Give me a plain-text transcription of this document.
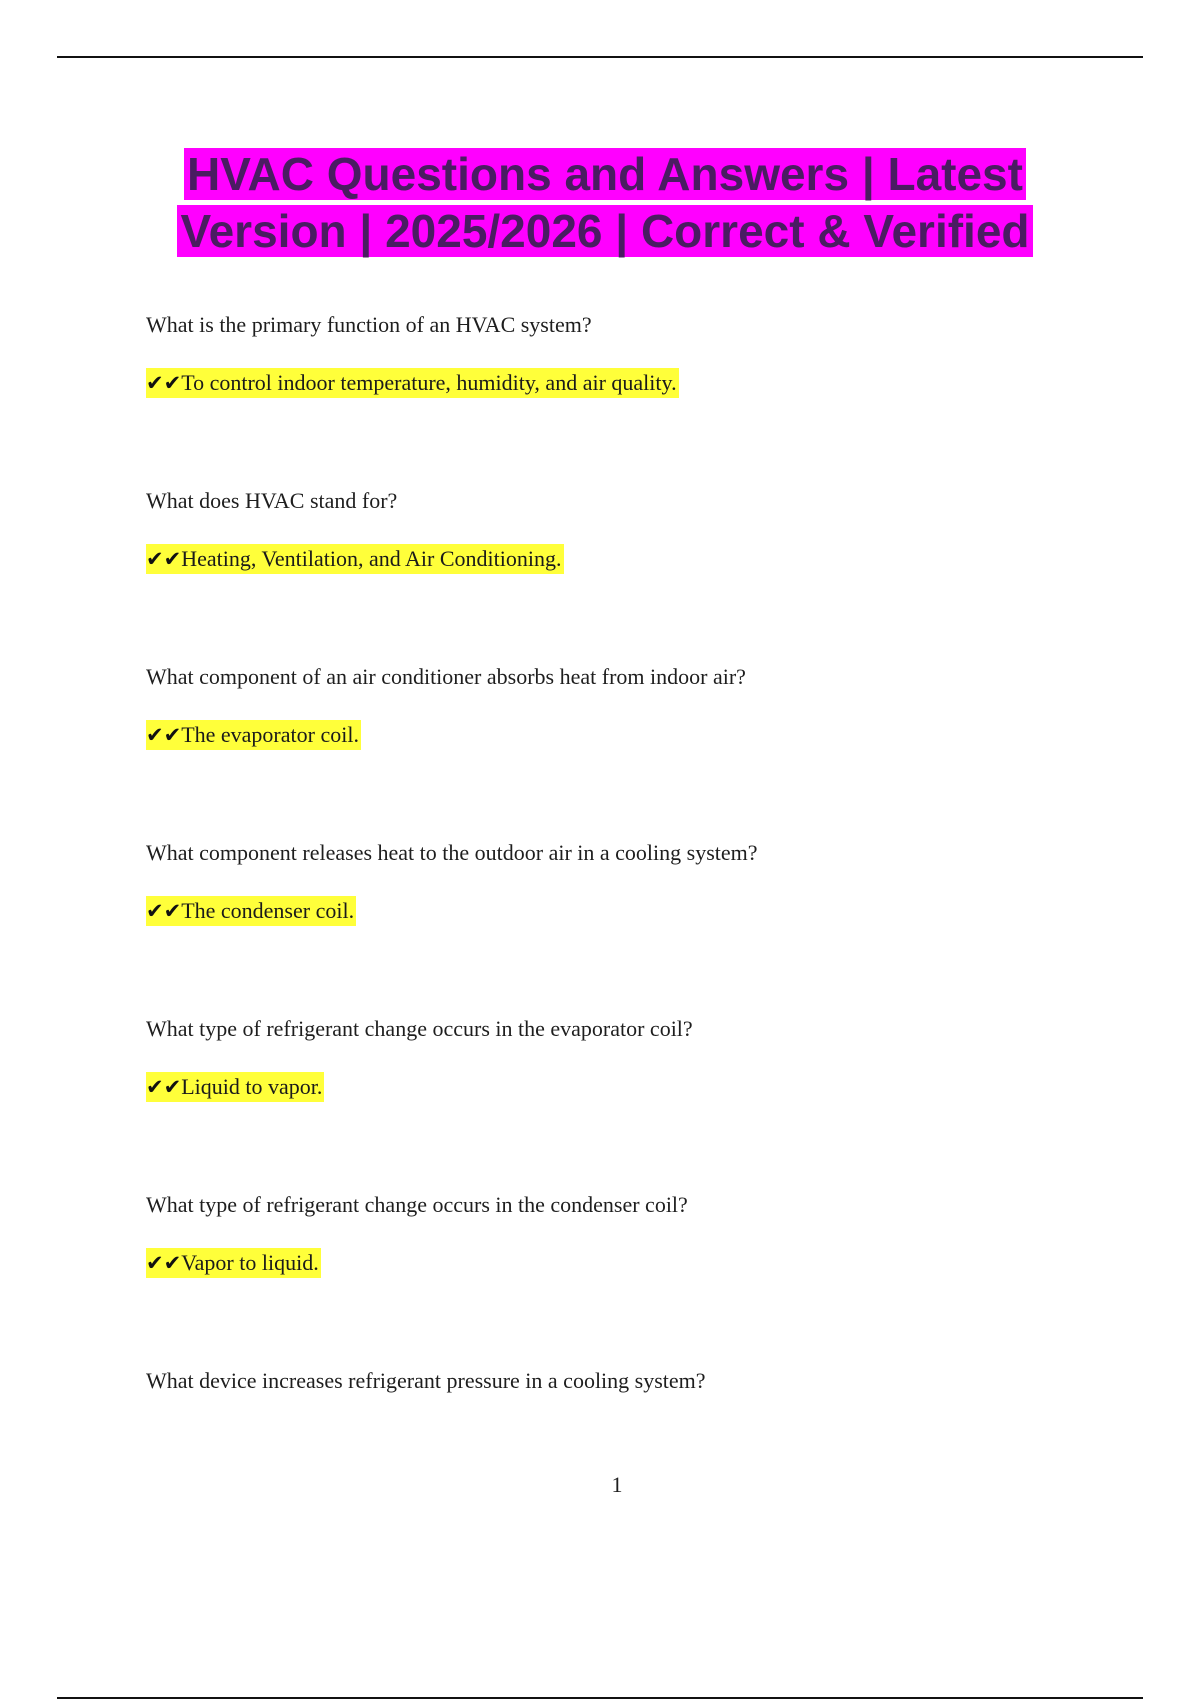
HVAC Questions and Answers | Latest Version | 2025/2026 | Correct & Verified

What is the primary function of an HVAC system?

✔✔To control indoor temperature, humidity, and air quality.

What does HVAC stand for?

✔✔Heating, Ventilation, and Air Conditioning.

What component of an air conditioner absorbs heat from indoor air?

✔✔The evaporator coil.

What component releases heat to the outdoor air in a cooling system?

✔✔The condenser coil.

What type of refrigerant change occurs in the evaporator coil?

✔✔Liquid to vapor.

What type of refrigerant change occurs in the condenser coil?

✔✔Vapor to liquid.

What device increases refrigerant pressure in a cooling system?

1
